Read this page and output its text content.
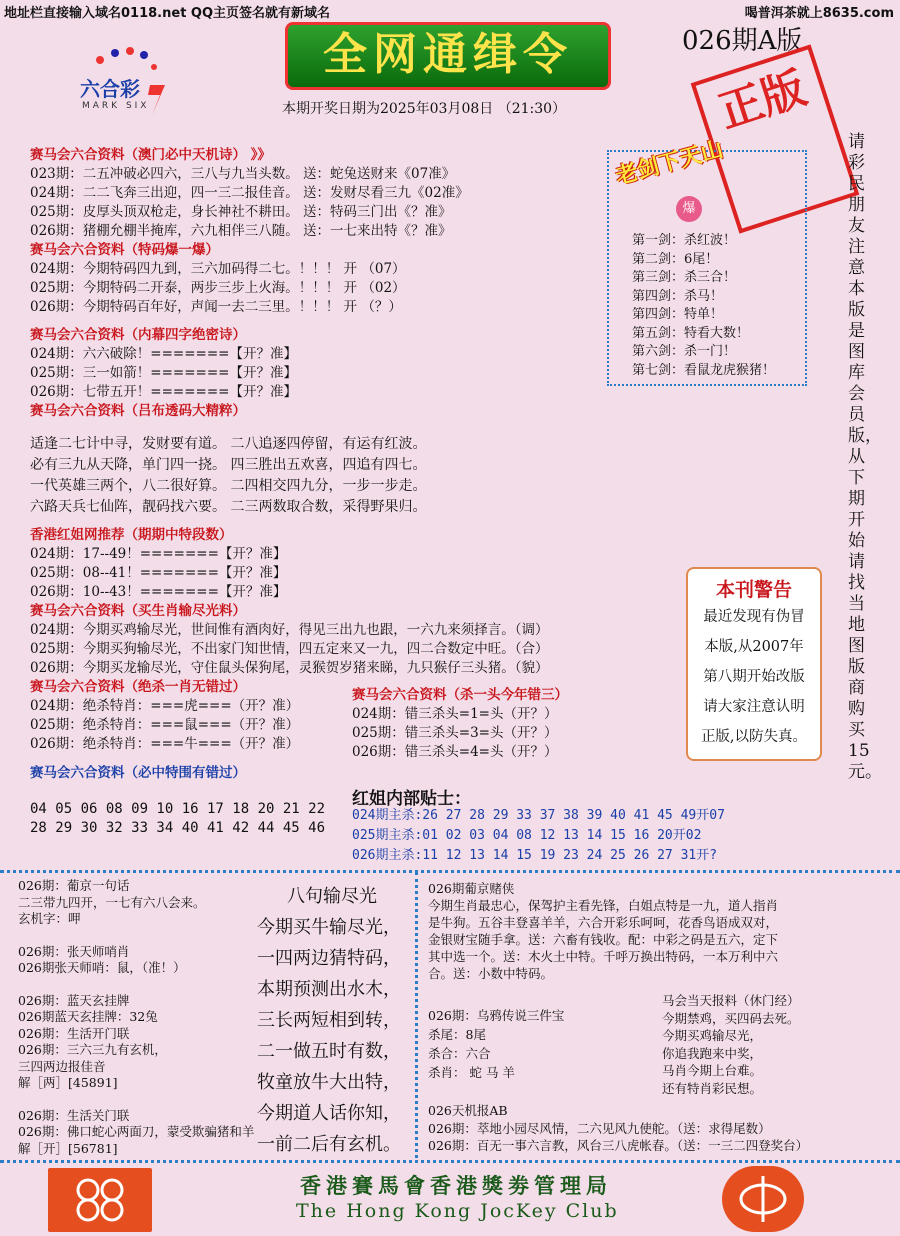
地址栏直接输入域名0118.net QQ主页签名就有新域名	喝普洱茶就上8635.com
六合彩
MARK SIX
全网通缉令	026期A版
正版
本期开奖日期为2025年03月08日 （21:30）
赛马会六合资料（澳门必中天机诗） 》》
023期：二五冲破必四六，三八与九当头数。 送：蛇兔送财来《07准》
024期：二二飞奔三出迎，四一三二报佳音。 送：发财尽看三九《02准》
025期：皮厚头顶双枪走，身长神社不耕田。 送：特码三门出《？准》
026期：猪棚允棚半掩库，六九相伴三八随。 送：一七来出特《？准》
赛马会六合资料（特码爆一爆）
024期：今期特码四九到，三六加码得二七。！！！ 开 （07）
025期：今期特码二开泰，两步三步上火海。！！！ 开 （02）
026期：今期特码百年好，声闻一去二三里。！！！ 开 （？）
赛马会六合资料（内幕四字绝密诗）
024期：六六破除！=======【开？准】
025期：三一如箭！=======【开？准】
026期：七带五开！=======【开？准】
赛马会六合资料（吕布透码大精粹）
适逢二七计中寻，发财要有道。 二八追逐四停留，有运有红波。
必有三九从天降，单门四一挠。 四三胜出五欢喜，四追有四七。
一代英雄三两个，八二很好算。 二四相交四九分，一步一步走。
六路天兵七仙阵，靓码找六要。 二三两数取合数，采得野果归。
香港红姐网推荐（期期中特段数）
024期：17--49！=======【开？准】
025期：08--41！=======【开？准】
026期：10--43！=======【开？准】
赛马会六合资料（买生肖输尽光料）
024期：今期买鸡输尽光，世间惟有酒肉好，得见三出九也跟，一六九来须择言。（调）
025期：今期买狗输尽光，不出家门知世情，四五定来又一九，四二合数定中旺。（合）
026期：今期买龙输尽光，守住鼠头保狗尾，灵猴贺岁猪来睇，九只猴仔三头猪。（貌）
赛马会六合资料（绝杀一肖无错过）
024期：绝杀特肖：===虎===（开？准）
025期：绝杀特肖：===鼠===（开？准）
026期：绝杀特肖：===牛===（开？准）
赛马会六合资料（杀一头今年错三）
024期：错三杀头=1=头（开？）
025期：错三杀头=3=头（开？）
026期：错三杀头=4=头（开？）
赛马会六合资料（必中特围有错过）
04 05 06 08 09 10 16 17 18 20 21 22
28 29 30 32 33 34 40 41 42 44 45 46
红姐内部贴士：
024期主杀:26 27 28 29 33 37 38 39 40 41 45 49开07
025期主杀:01 02 03 04 08 12 13 14 15 16 20开02
026期主杀:11 12 13 14 15 19 23 24 25 26 27 31开?
老剑下天山
爆
第一剑：杀红波！
第二剑：6尾！
第三剑：杀三合！
第四剑：杀马！
第四剑：特单！
第五剑：特看大数！
第六剑：杀一门！
第七剑：看鼠龙虎猴猪！
请彩民朋友注意本版是图库会员版，从下期开始请找当地图版商购买15元。
本刊警告
最近发现有伪冒
本版,从2007年
第八期开始改版
请大家注意认明
正版,以防失真。
026期：葡京一句话
二三带九四开，一七有六八会来。
玄机字：呷
026期：张天师哨肖
026期张天师哨：鼠，（准！）
026期：蓝天玄挂牌
026期蓝天玄挂牌：32兔
026期：生活开门联
026期：三六三九有玄机，
三四两边报佳音
解［两］[45891]
026期：生活关门联
026期：佛口蛇心两面刀，蒙受欺骗猪和羊
解［开］[56781]
八句输尽光
今期买牛输尽光，
一四两边猜特码，
本期预测出水木，
三长两短相到转，
二一做五时有数，
牧童放牛大出特，
今期道人话你知，
一前二后有玄机。
026期葡京赌侠
今期生肖最忠心，保驾护主看先锋，白姐点特是一九，道人指肖
是牛狗。五谷丰登喜羊羊，六合开彩乐呵呵，花香鸟语成双对，
金银财宝随手拿。送：六畜有钱收。配：中彩之码是五六，定下
其中选一个。送：木火土中特。千呼万换出特码，一本万利中六
合。送：小数中特码。
026期：乌鸦传说三件宝
杀尾：8尾
杀合：六合
杀肖： 蛇 马 羊
马会当天报料（休门经）
今期禁鸡，买四码去死。
今期买鸡输尽光，
你追我跑来中奖，
马肖今期上台难。
还有特肖彩民想。
026天机报AB
026期：萃地小园尽风情，二六见风九使舵。（送：求得尾数）
026期：百无一事六言教，风台三八虎帐春。（送：一三二四登奖台）
香港賽馬會香港獎劵管理局
The Hong Kong JocKey Club
